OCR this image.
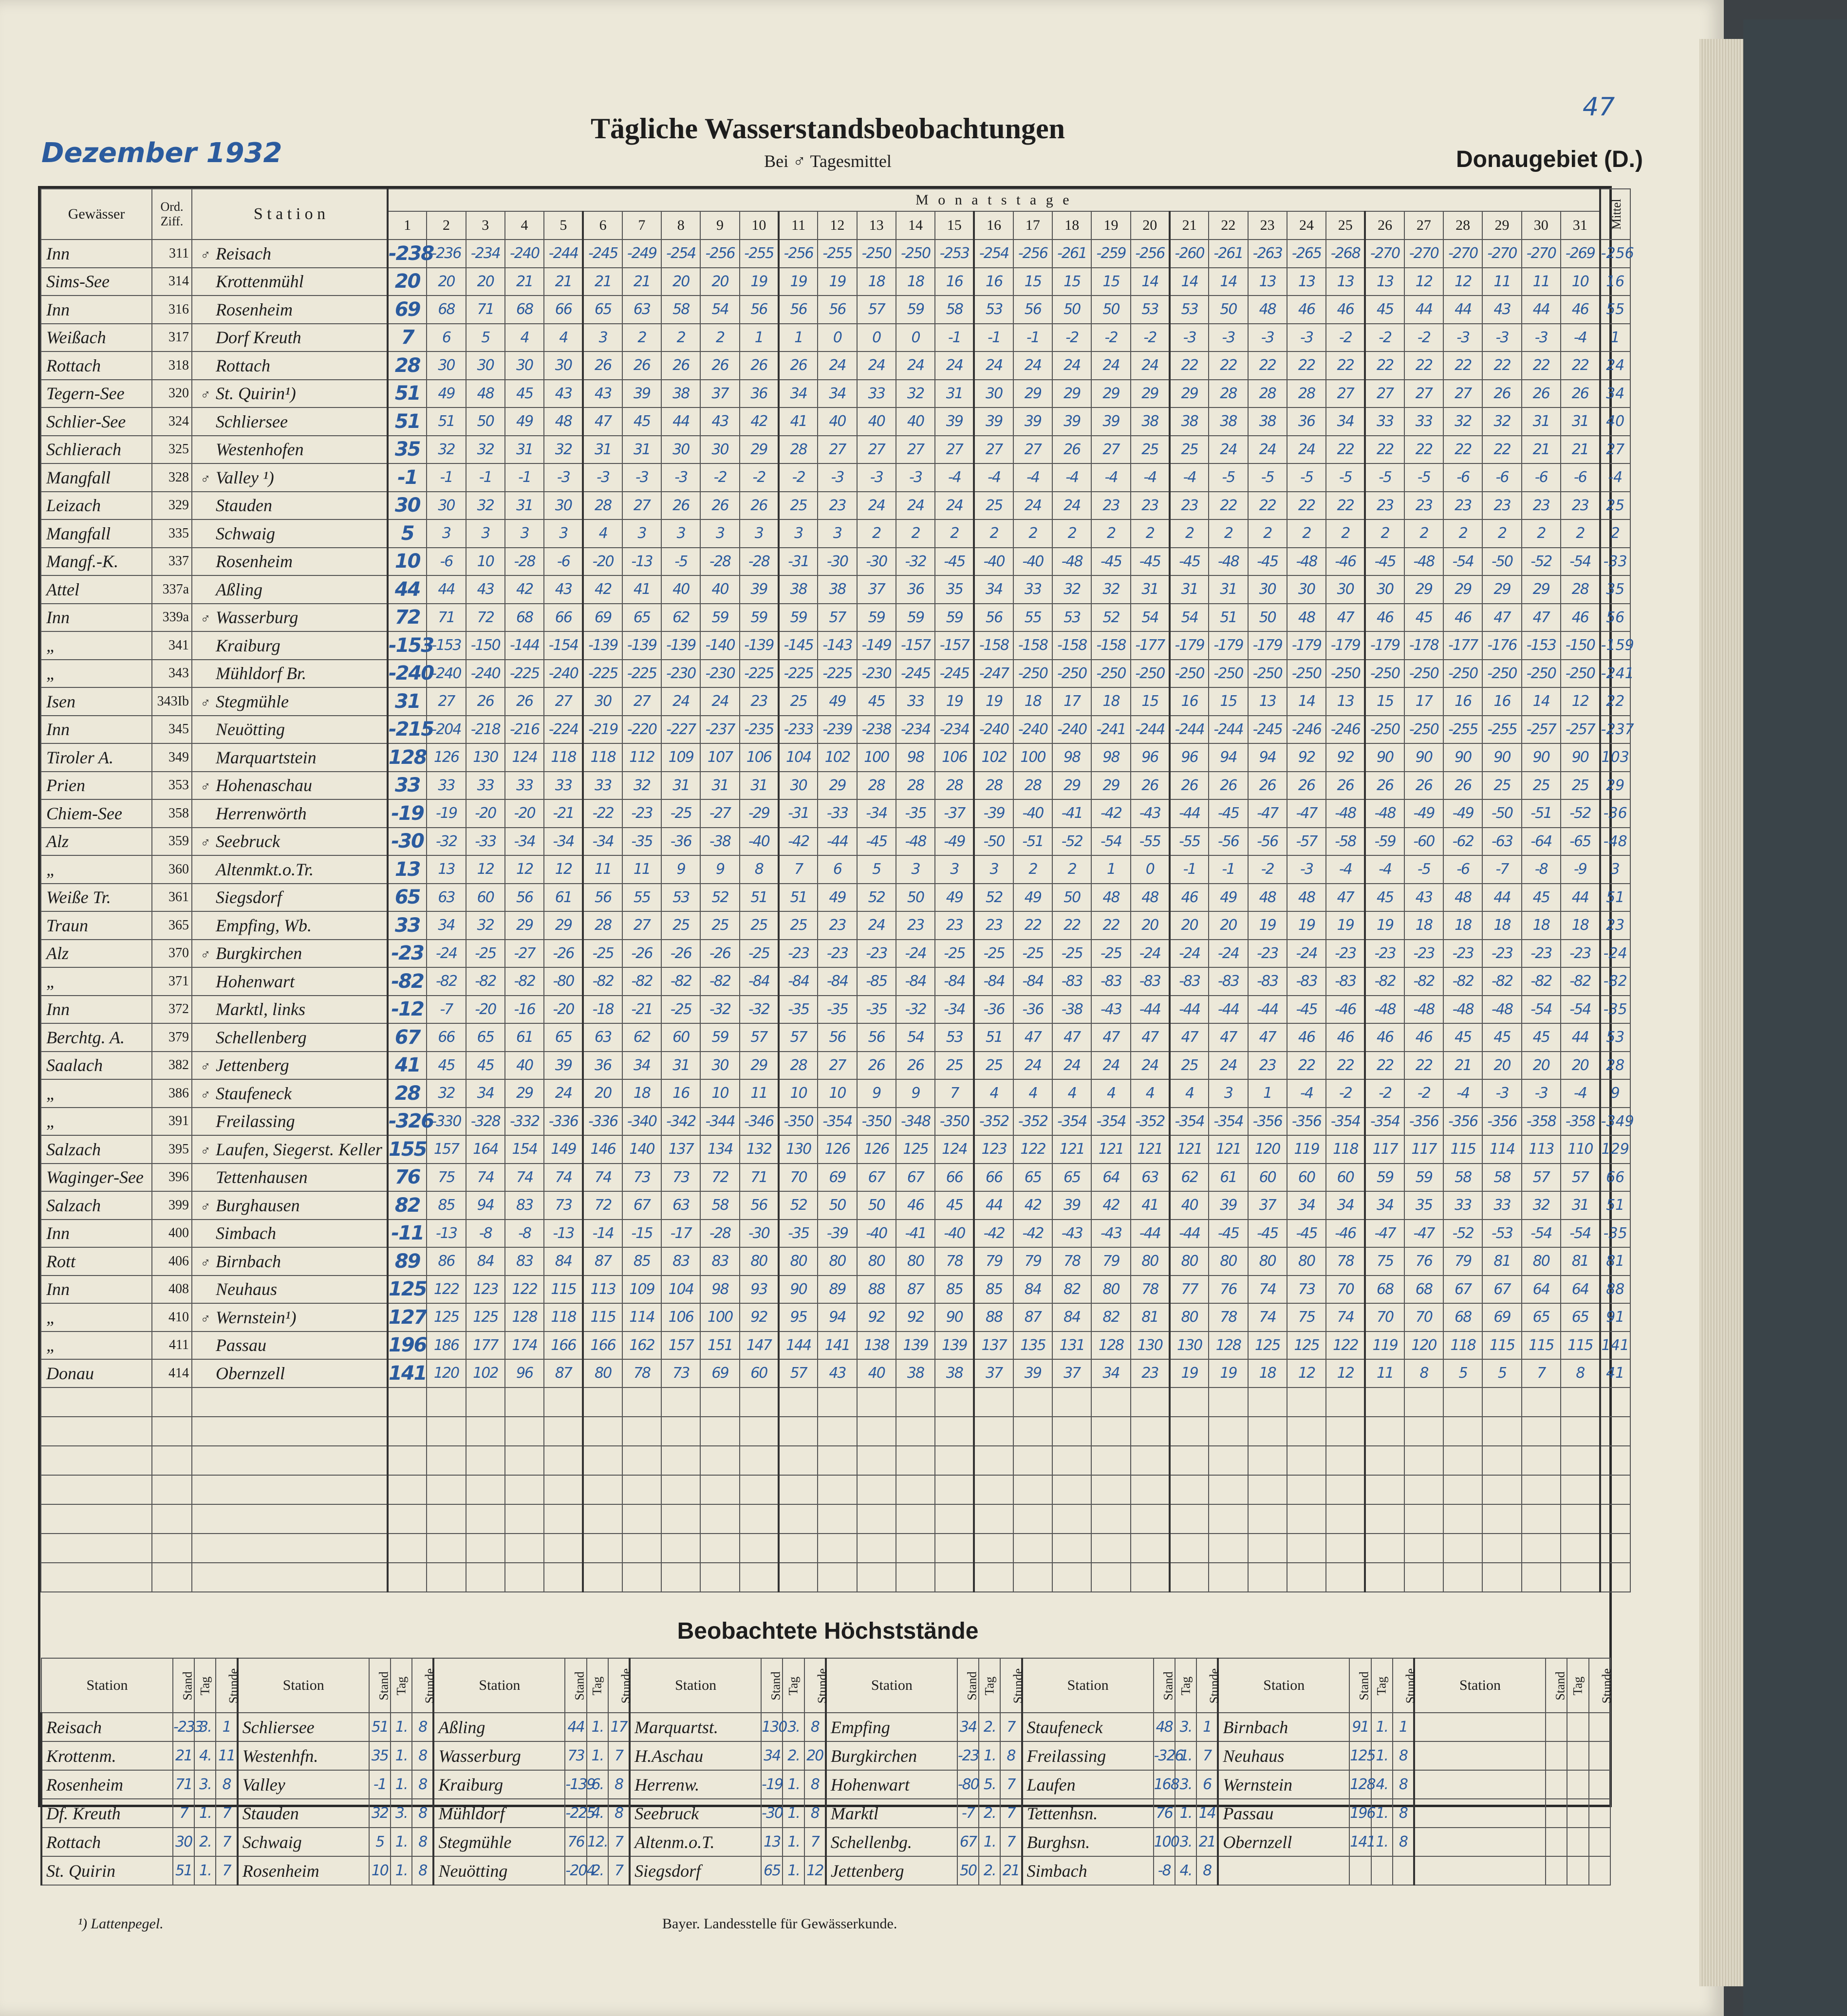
47
Dezember 1932
Tägliche Wasserstandsbeobachtungen
Bei ♂ Tagesmittel	Donaugebiet (D.)
Gewässer	Ord. Ziff.	S t a t i o n	M o n a t s t a g e																															Mittel
			1	2	3	4	5	6	7	8	9	10	11	12	13	14	15	16	17	18	19	20	21	22	23	24	25	26	27	28	29	30	31	
Inn	311	♂ Reisach	-238	-236	-234	-240	-244	-245	-249	-254	-256	-255	-256	-255	-250	-250	-253	-254	-256	-261	-259	-256	-260	-261	-263	-265	-268	-270	-270	-270	-270	-270	-269	-256
Sims-See	314	Krottenmühl	20	20	20	21	21	21	21	20	20	19	19	19	18	18	16	16	15	15	15	14	14	14	13	13	13	13	12	12	11	11	10	16
Inn	316	Rosenheim	69	68	71	68	66	65	63	58	54	56	56	56	57	59	58	53	56	50	50	53	53	50	48	46	46	45	44	44	43	44	46	55
Weißach	317	Dorf Kreuth	7	6	5	4	4	3	2	2	2	1	1	0	0	0	-1	-1	-1	-2	-2	-2	-3	-3	-3	-3	-2	-2	-2	-3	-3	-3	-4	1
Rottach	318	Rottach	28	30	30	30	30	26	26	26	26	26	26	24	24	24	24	24	24	24	24	24	22	22	22	22	22	22	22	22	22	22	22	24
Tegern-See	320	♂ St. Quirin¹)	51	49	48	45	43	43	39	38	37	36	34	34	33	32	31	30	29	29	29	29	29	28	28	28	27	27	27	27	26	26	26	34
Schlier-See	324	Schliersee	51	51	50	49	48	47	45	44	43	42	41	40	40	40	39	39	39	39	39	38	38	38	38	36	34	33	33	32	32	31	31	40
Schlierach	325	Westenhofen	35	32	32	31	32	31	31	30	30	29	28	27	27	27	27	27	27	26	27	25	25	24	24	24	22	22	22	22	22	21	21	27
Mangfall	328	♂ Valley ¹)	-1	-1	-1	-1	-3	-3	-3	-3	-2	-2	-2	-3	-3	-3	-4	-4	-4	-4	-4	-4	-4	-5	-5	-5	-5	-5	-5	-6	-6	-6	-6	-4
Leizach	329	Stauden	30	30	32	31	30	28	27	26	26	26	25	23	24	24	24	25	24	24	23	23	23	22	22	22	22	23	23	23	23	23	23	25
Mangfall	335	Schwaig	5	3	3	3	3	4	3	3	3	3	3	3	2	2	2	2	2	2	2	2	2	2	2	2	2	2	2	2	2	2	2	2
Mangf.-K.	337	Rosenheim	10	-6	10	-28	-6	-20	-13	-5	-28	-28	-31	-30	-30	-32	-45	-40	-40	-48	-45	-45	-45	-48	-45	-48	-46	-45	-48	-54	-50	-52	-54	-33
Attel	337a	Aßling	44	44	43	42	43	42	41	40	40	39	38	38	37	36	35	34	33	32	32	31	31	31	30	30	30	30	29	29	29	29	28	35
Inn	339a	♂ Wasserburg	72	71	72	68	66	69	65	62	59	59	59	57	59	59	59	56	55	53	52	54	54	51	50	48	47	46	45	46	47	47	46	56
„	341	Kraiburg	-153	-153	-150	-144	-154	-139	-139	-139	-140	-139	-145	-143	-149	-157	-157	-158	-158	-158	-158	-177	-179	-179	-179	-179	-179	-179	-178	-177	-176	-153	-150	-159
„	343	Mühldorf Br.	-240	-240	-240	-225	-240	-225	-225	-230	-230	-225	-225	-225	-230	-245	-245	-247	-250	-250	-250	-250	-250	-250	-250	-250	-250	-250	-250	-250	-250	-250	-250	-241
Isen	343Ib	♂ Stegmühle	31	27	26	26	27	30	27	24	24	23	25	49	45	33	19	19	18	17	18	15	16	15	13	14	13	15	17	16	16	14	12	22
Inn	345	Neuötting	-215	-204	-218	-216	-224	-219	-220	-227	-237	-235	-233	-239	-238	-234	-234	-240	-240	-240	-241	-244	-244	-244	-245	-246	-246	-250	-250	-255	-255	-257	-257	-237
Tiroler A.	349	Marquartstein	128	126	130	124	118	118	112	109	107	106	104	102	100	98	106	102	100	98	98	96	96	94	94	92	92	90	90	90	90	90	90	103
Prien	353	♂ Hohenaschau	33	33	33	33	33	33	32	31	31	31	30	29	28	28	28	28	28	29	29	26	26	26	26	26	26	26	26	26	25	25	25	29
Chiem-See	358	Herrenwörth	-19	-19	-20	-20	-21	-22	-23	-25	-27	-29	-31	-33	-34	-35	-37	-39	-40	-41	-42	-43	-44	-45	-47	-47	-48	-48	-49	-49	-50	-51	-52	-36
Alz	359	♂ Seebruck	-30	-32	-33	-34	-34	-34	-35	-36	-38	-40	-42	-44	-45	-48	-49	-50	-51	-52	-54	-55	-55	-56	-56	-57	-58	-59	-60	-62	-63	-64	-65	-48
„	360	Altenmkt.o.Tr.	13	13	12	12	12	11	11	9	9	8	7	6	5	3	3	3	2	2	1	0	-1	-1	-2	-3	-4	-4	-5	-6	-7	-8	-9	3
Weiße Tr.	361	Siegsdorf	65	63	60	56	61	56	55	53	52	51	51	49	52	50	49	52	49	50	48	48	46	49	48	48	47	45	43	48	44	45	44	51
Traun	365	Empfing, Wb.	33	34	32	29	29	28	27	25	25	25	25	23	24	23	23	23	22	22	22	20	20	20	19	19	19	19	18	18	18	18	18	23
Alz	370	♂ Burgkirchen	-23	-24	-25	-27	-26	-25	-26	-26	-26	-25	-23	-23	-23	-24	-25	-25	-25	-25	-25	-24	-24	-24	-23	-24	-23	-23	-23	-23	-23	-23	-23	-24
„	371	Hohenwart	-82	-82	-82	-82	-80	-82	-82	-82	-82	-84	-84	-84	-85	-84	-84	-84	-84	-83	-83	-83	-83	-83	-83	-83	-83	-82	-82	-82	-82	-82	-82	-82
Inn	372	Marktl, links	-12	-7	-20	-16	-20	-18	-21	-25	-32	-32	-35	-35	-35	-32	-34	-36	-36	-38	-43	-44	-44	-44	-44	-45	-46	-48	-48	-48	-48	-54	-54	-35
Berchtg. A.	379	Schellenberg	67	66	65	61	65	63	62	60	59	57	57	56	56	54	53	51	47	47	47	47	47	47	47	46	46	46	46	45	45	45	44	53
Saalach	382	♂ Jettenberg	41	45	45	40	39	36	34	31	30	29	28	27	26	26	25	25	24	24	24	24	25	24	23	22	22	22	22	21	20	20	20	28
„	386	♂ Staufeneck	28	32	34	29	24	20	18	16	10	11	10	10	9	9	7	4	4	4	4	4	4	3	1	-4	-2	-2	-2	-4	-3	-3	-4	9
„	391	Freilassing	-326	-330	-328	-332	-336	-336	-340	-342	-344	-346	-350	-354	-350	-348	-350	-352	-352	-354	-354	-352	-354	-354	-356	-356	-354	-354	-356	-356	-356	-358	-358	-349
Salzach	395	♂ Laufen, Siegerst. Keller	155	157	164	154	149	146	140	137	134	132	130	126	126	125	124	123	122	121	121	121	121	121	120	119	118	117	117	115	114	113	110	129
Waginger-See	396	Tettenhausen	76	75	74	74	74	74	73	73	72	71	70	69	67	67	66	66	65	65	64	63	62	61	60	60	60	59	59	58	58	57	57	66
Salzach	399	♂ Burghausen	82	85	94	83	73	72	67	63	58	56	52	50	50	46	45	44	42	39	42	41	40	39	37	34	34	34	35	33	33	32	31	51
Inn	400	Simbach	-11	-13	-8	-8	-13	-14	-15	-17	-28	-30	-35	-39	-40	-41	-40	-42	-42	-43	-43	-44	-44	-45	-45	-45	-46	-47	-47	-52	-53	-54	-54	-35
Rott	406	♂ Birnbach	89	86	84	83	84	87	85	83	83	80	80	80	80	80	78	79	79	78	79	80	80	80	80	80	78	75	76	79	81	80	81	81
Inn	408	Neuhaus	125	122	123	122	115	113	109	104	98	93	90	89	88	87	85	85	84	82	80	78	77	76	74	73	70	68	68	67	67	64	64	88
„	410	♂ Wernstein¹)	127	125	125	128	118	115	114	106	100	92	95	94	92	92	90	88	87	84	82	81	80	78	74	75	74	70	70	68	69	65	65	91
„	411	Passau	196	186	177	174	166	166	162	157	151	147	144	141	138	139	139	137	135	131	128	130	130	128	125	125	122	119	120	118	115	115	115	141
Donau	414	Obernzell	141	120	102	96	87	80	78	73	69	60	57	43	40	38	38	37	39	37	34	23	19	19	18	12	12	11	8	5	5	7	8	41

Beobachtete Höchststände
Station	Stand	Tag	Stunde	Station	Stand	Tag	Stunde	Station	Stand	Tag	Stunde	Station	Stand	Tag	Stunde	Station	Stand	Tag	Stunde	Station	Stand	Tag	Stunde	Station	Stand	Tag	Stunde	Station	Stand	Tag	Stunde
Reisach	-233	3.	1	Schliersee	51	1.	8	Aßling	44	1.	17	Marquartst.	130	3.	8	Empfing	34	2.	7	Staufeneck	48	3.	1	Birnbach	91	1.	1				
Krottenm.	21	4.	11	Westenhfn.	35	1.	8	Wasserburg	73	1.	7	H.Aschau	34	2.	20	Burgkirchen	-23	1.	8	Freilassing	-326	1.	7	Neuhaus	125	1.	8				
Rosenheim	71	3.	8	Valley	-1	1.	8	Kraiburg	-139	6.	8	Herrenw.	-19	1.	8	Hohenwart	-80	5.	7	Laufen	168	3.	6	Wernstein	128	4.	8				
Df. Kreuth	7	1.	7	Stauden	32	3.	8	Mühldorf	-225	4.	8	Seebruck	-30	1.	8	Marktl	-7	2.	7	Tettenhsn.	76	1.	14	Passau	196	1.	8				
Rottach	30	2.	7	Schwaig	5	1.	8	Stegmühle	76	12.	7	Altenm.o.T.	13	1.	7	Schellenbg.	67	1.	7	Burghsn.	100	3.	21	Obernzell	141	1.	8				
St. Quirin	51	1.	7	Rosenheim	10	1.	8	Neuötting	-204	2.	7	Siegsdorf	65	1.	12	Jettenberg	50	2.	21	Simbach	-8	4.	8								
¹) Lattenpegel.	Bayer. Landesstelle für Gewässerkunde.
